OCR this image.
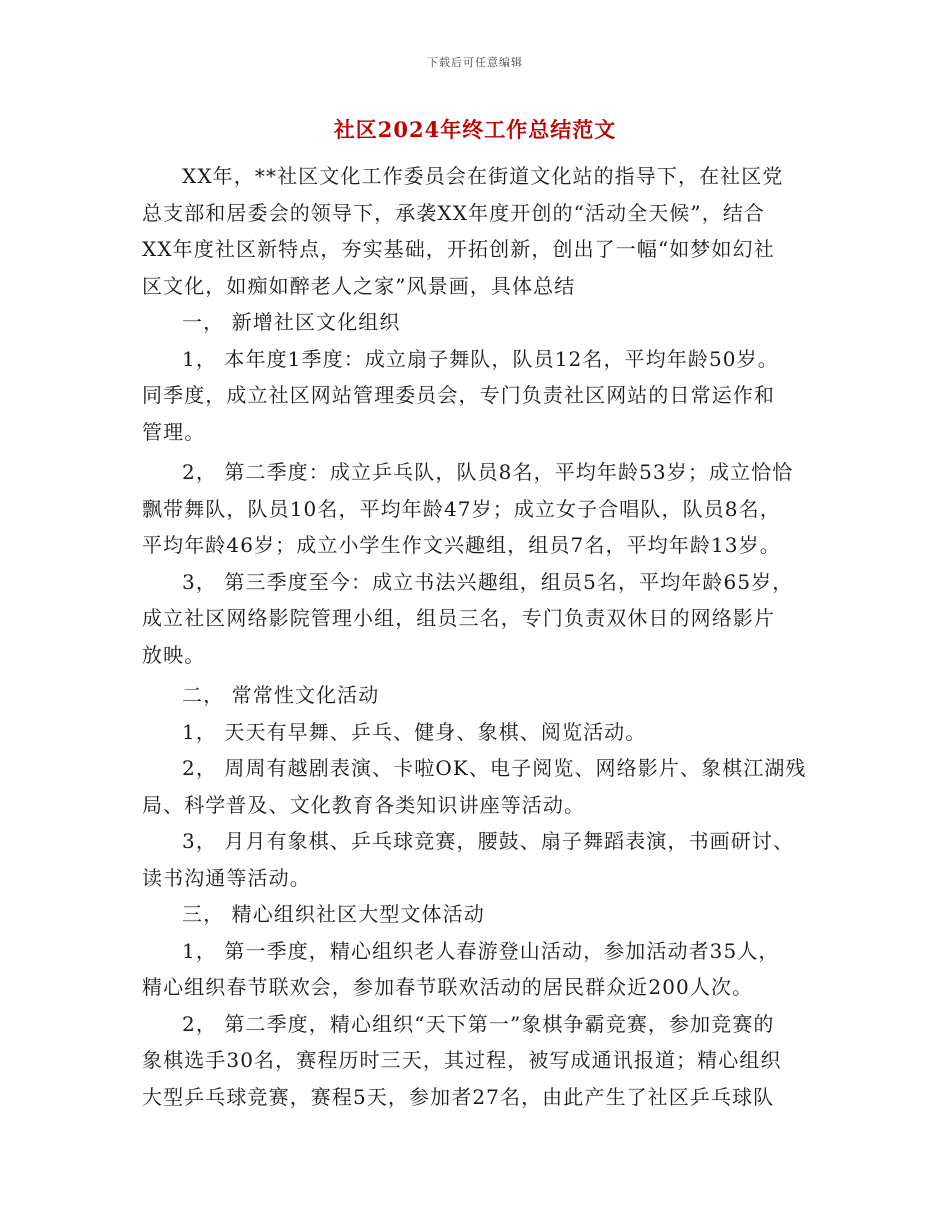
下载后可任意编辑
社区2024年终工作总结范文
XX年，**社区文化工作委员会在街道文化站的指导下，在社区党
总支部和居委会的领导下，承袭XX年度开创的“活动全天候”，结合
XX年度社区新特点，夯实基础，开拓创新，创出了一幅“如梦如幻社
区文化，如痴如醉老人之家”风景画，具体总结
一， 新增社区文化组织
1， 本年度1季度：成立扇子舞队，队员12名，平均年龄50岁。
同季度，成立社区网站管理委员会，专门负责社区网站的日常运作和
管理。
2， 第二季度：成立乒乓队，队员8名，平均年龄53岁；成立恰恰
飘带舞队，队员10名，平均年龄47岁；成立女子合唱队，队员8名，
平均年龄46岁；成立小学生作文兴趣组，组员7名，平均年龄13岁。
3， 第三季度至今：成立书法兴趣组，组员5名，平均年龄65岁，
成立社区网络影院管理小组，组员三名，专门负责双休日的网络影片
放映。
二， 常常性文化活动
1， 天天有早舞、乒乓、健身、象棋、阅览活动。
2， 周周有越剧表演、卡啦OK、电子阅览、网络影片、象棋江湖残
局、科学普及、文化教育各类知识讲座等活动。
3， 月月有象棋、乒乓球竞赛，腰鼓、扇子舞蹈表演，书画研讨、
读书沟通等活动。
三， 精心组织社区大型文体活动
1， 第一季度，精心组织老人春游登山活动，参加活动者35人，
精心组织春节联欢会，参加春节联欢活动的居民群众近200人次。
2， 第二季度，精心组织“天下第一”象棋争霸竞赛，参加竞赛的
象棋选手30名，赛程历时三天，其过程，被写成通讯报道；精心组织
大型乒乓球竞赛，赛程5天，参加者27名，由此产生了社区乒乓球队
